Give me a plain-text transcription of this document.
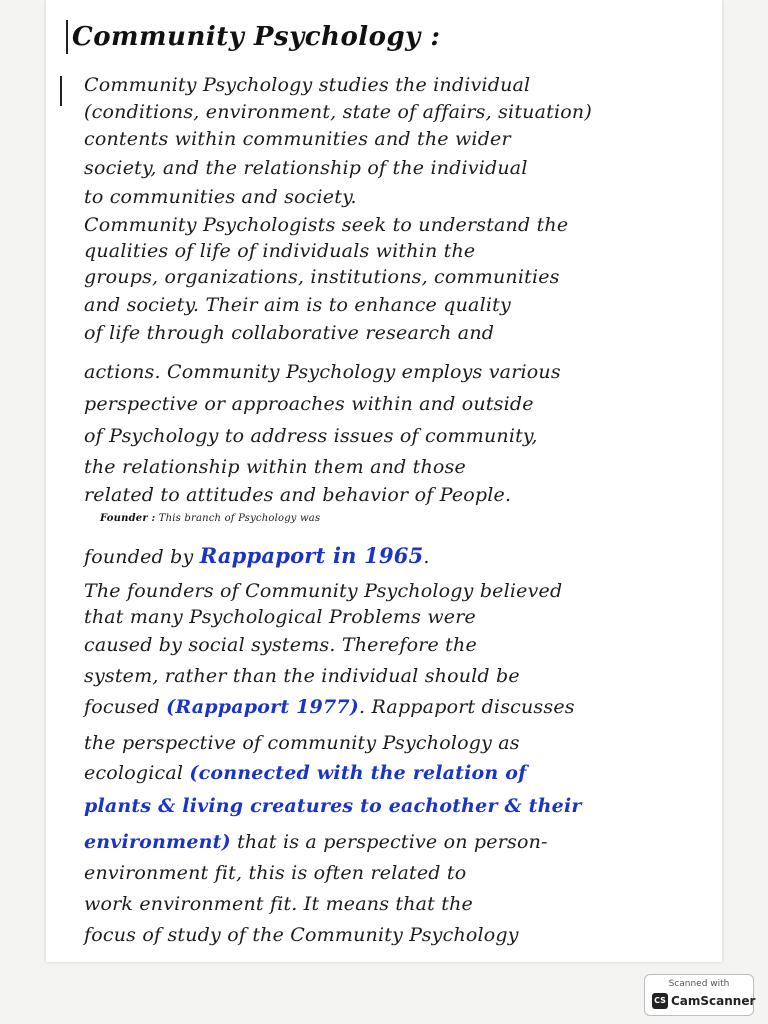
Community Psychology :
Community Psychology studies the individual
(conditions, environment, state of affairs, situation)
contents within communities and the wider
society, and the relationship of the individual
to communities and society.
Community Psychologists seek to understand the
qualities of life of individuals within the
groups, organizations, institutions, communities
and society. Their aim is to enhance quality
of life through collaborative research and
actions. Community Psychology employs various
perspective or approaches within and outside
of Psychology to address issues of community,
the relationship within them and those
related to attitudes and behavior of People.
Founder : This branch of Psychology was
founded by Rappaport in 1965.
The founders of Community Psychology believed
that many Psychological Problems were
caused by social systems. Therefore the
system, rather than the individual should be
focused (Rappaport 1977). Rappaport discusses
the perspective of community Psychology as
ecological (connected with the relation of
plants & living creatures to eachother & their
environment) that is a perspective on person-
environment fit, this is often related to
work environment fit. It means that the
focus of study of the Community Psychology
Scanned with
CS CamScanner
